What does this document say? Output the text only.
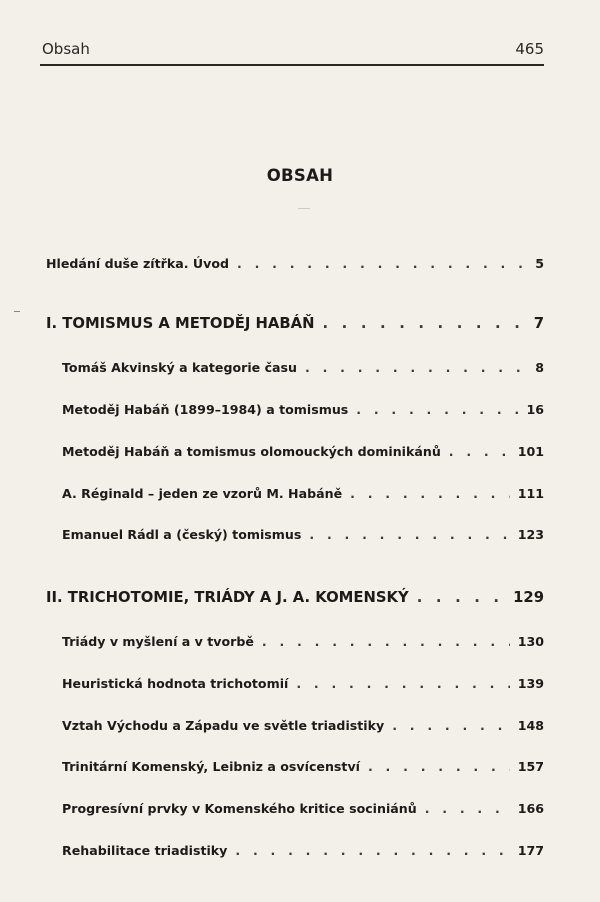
Obsah	465
OBSAH
Hledání duše zítřka. Úvod . . .	5
I. TOMISMUS A METODĚJ HABÁŇ . . .	7
Tomáš Akvinský a kategorie času . . .	8
Metoděj Habáň (1899–1984) a tomismus . . .	16
Metoděj Habáň a tomismus olomouckých dominikánů . . .	101
A. Réginald – jeden ze vzorů M. Habáně . . .	111
Emanuel Rádl a (český) tomismus . . .	123
II. TRICHOTOMIE, TRIÁDY A J. A. KOMENSKÝ . . .	129
Triády v myšlení a v tvorbě . . .	130
Heuristická hodnota trichotomií . . .	139
Vztah Východu a Západu ve světle triadistiky . . .	148
Trinitární Komenský, Leibniz a osvícenství . . .	157
Progresívní prvky v Komenského kritice sociniánů . . .	166
Rehabilitace triadistiky . . .	177
